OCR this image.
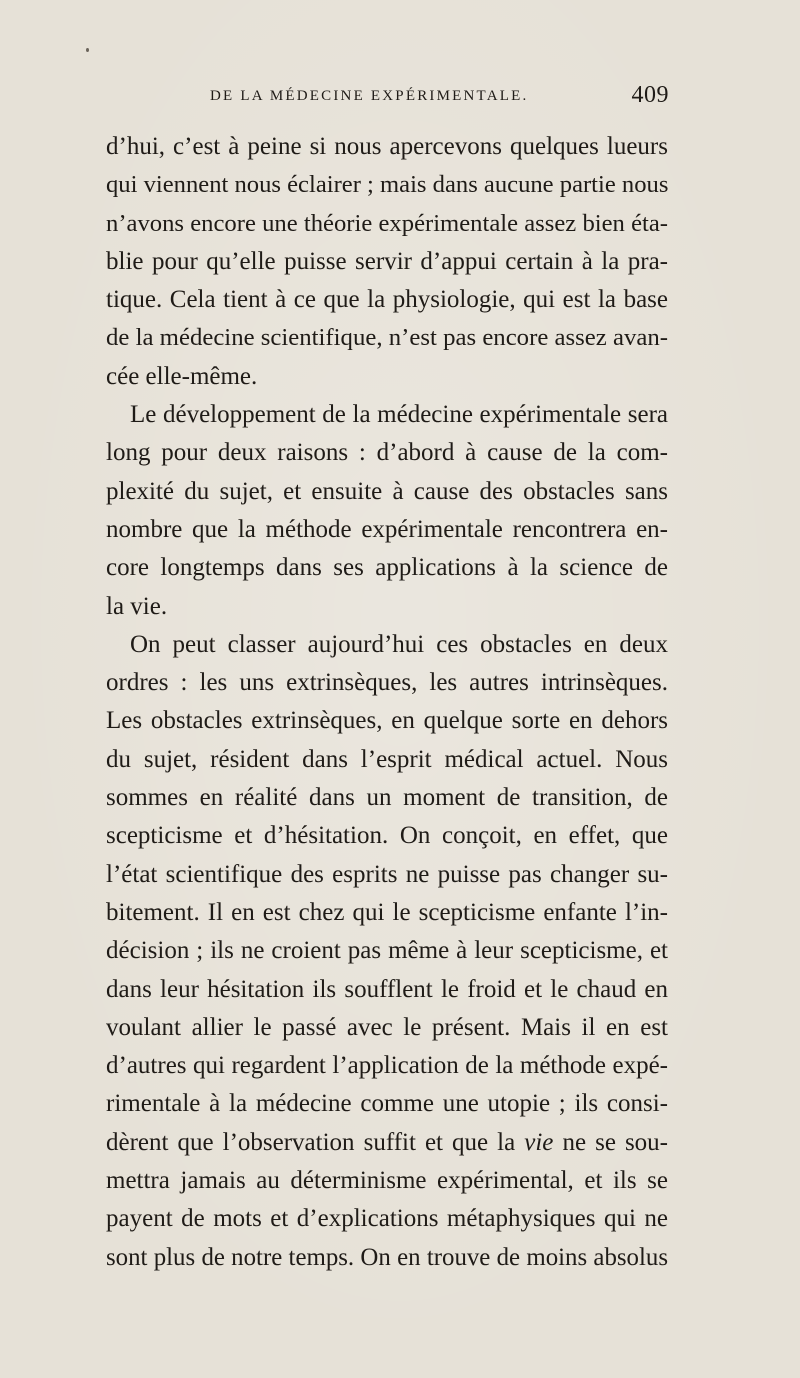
DE LA MÉDECINE EXPÉRIMENTALE.	409
d’hui, c’est à peine si nous apercevons quelques lueurs
qui viennent nous éclairer ; mais dans aucune partie nous
n’avons encore une théorie expérimentale assez bien éta-
blie pour qu’elle puisse servir d’appui certain à la pra-
tique. Cela tient à ce que la physiologie, qui est la base
de la médecine scientifique, n’est pas encore assez avan-
cée elle-même.
Le développement de la médecine expérimentale sera
long pour deux raisons : d’abord à cause de la com-
plexité du sujet, et ensuite à cause des obstacles sans
nombre que la méthode expérimentale rencontrera en-
core longtemps dans ses applications à la science de
la vie.
On peut classer aujourd’hui ces obstacles en deux
ordres : les uns extrinsèques, les autres intrinsèques.
Les obstacles extrinsèques, en quelque sorte en dehors
du sujet, résident dans l’esprit médical actuel. Nous
sommes en réalité dans un moment de transition, de
scepticisme et d’hésitation. On conçoit, en effet, que
l’état scientifique des esprits ne puisse pas changer su-
bitement. Il en est chez qui le scepticisme enfante l’in-
décision ; ils ne croient pas même à leur scepticisme, et
dans leur hésitation ils soufflent le froid et le chaud en
voulant allier le passé avec le présent. Mais il en est
d’autres qui regardent l’application de la méthode expé-
rimentale à la médecine comme une utopie ; ils consi-
dèrent que l’observation suffit et que la vie ne se sou-
mettra jamais au déterminisme expérimental, et ils se
payent de mots et d’explications métaphysiques qui ne
sont plus de notre temps. On en trouve de moins absolus
